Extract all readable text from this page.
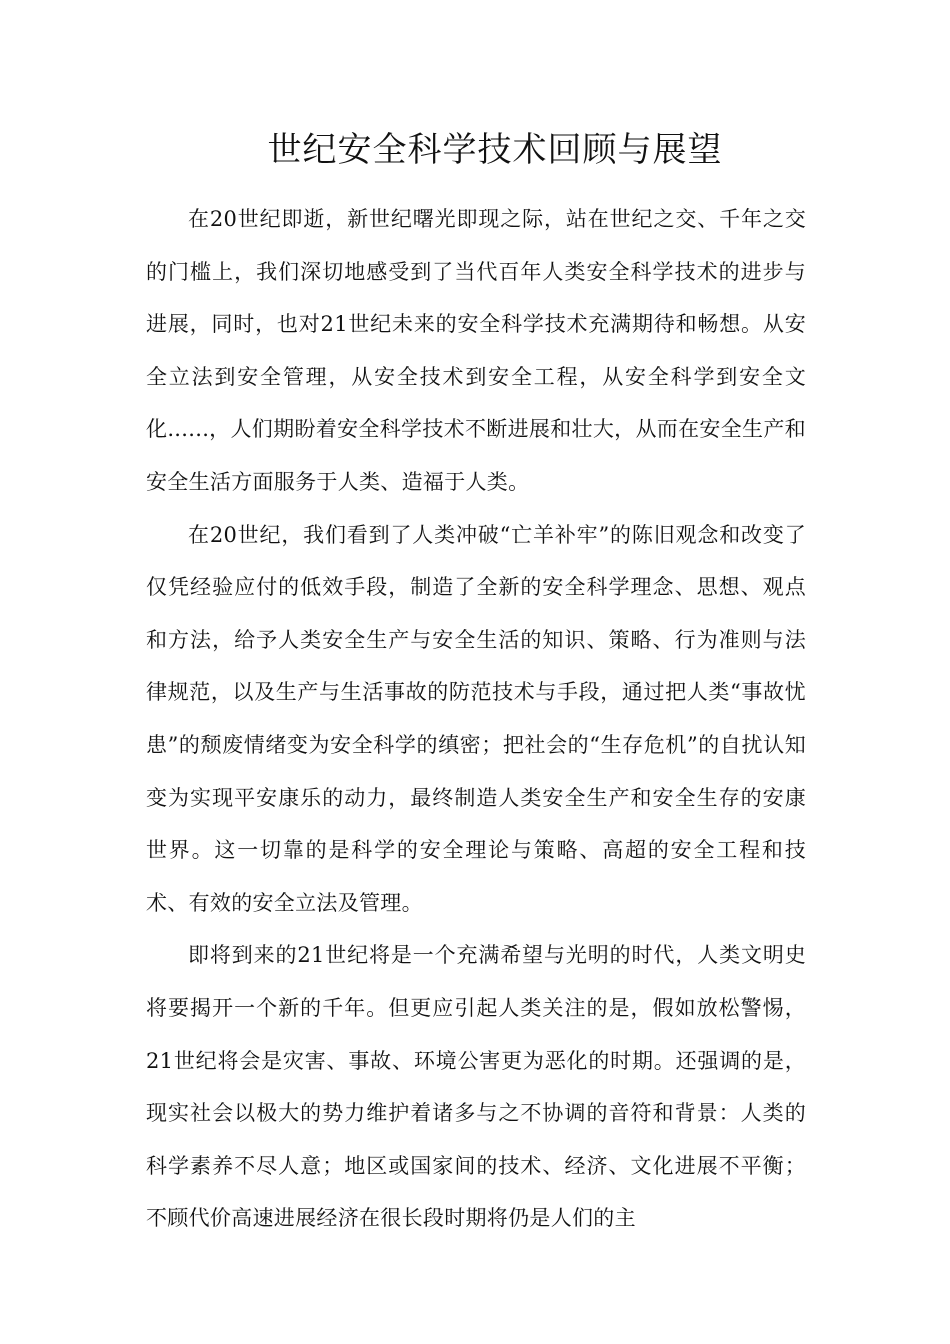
世纪安全科学技术回顾与展望

在20世纪即逝，新世纪曙光即现之际，站在世纪之交、千年之交的门槛上，我们深切地感受到了当代百年人类安全科学技术的进步与进展，同时，也对21世纪未来的安全科学技术充满期待和畅想。从安全立法到安全管理，从安全技术到安全工程，从安全科学到安全文化......，人们期盼着安全科学技术不断进展和壮大，从而在安全生产和安全生活方面服务于人类、造福于人类。

在20世纪，我们看到了人类冲破“亡羊补牢”的陈旧观念和改变了仅凭经验应付的低效手段，制造了全新的安全科学理念、思想、观点和方法，给予人类安全生产与安全生活的知识、策略、行为准则与法律规范，以及生产与生活事故的防范技术与手段，通过把人类“事故忧患”的颓废情绪变为安全科学的缜密；把社会的“生存危机”的自扰认知变为实现平安康乐的动力，最终制造人类安全生产和安全生存的安康世界。这一切靠的是科学的安全理论与策略、高超的安全工程和技术、有效的安全立法及管理。

即将到来的21世纪将是一个充满希望与光明的时代，人类文明史将要揭开一个新的千年。但更应引起人类关注的是，假如放松警惕，21世纪将会是灾害、事故、环境公害更为恶化的时期。还强调的是，现实社会以极大的势力维护着诸多与之不协调的音符和背景：人类的科学素养不尽人意；地区或国家间的技术、经济、文化进展不平衡；不顾代价高速进展经济在很长段时期将仍是人们的主
